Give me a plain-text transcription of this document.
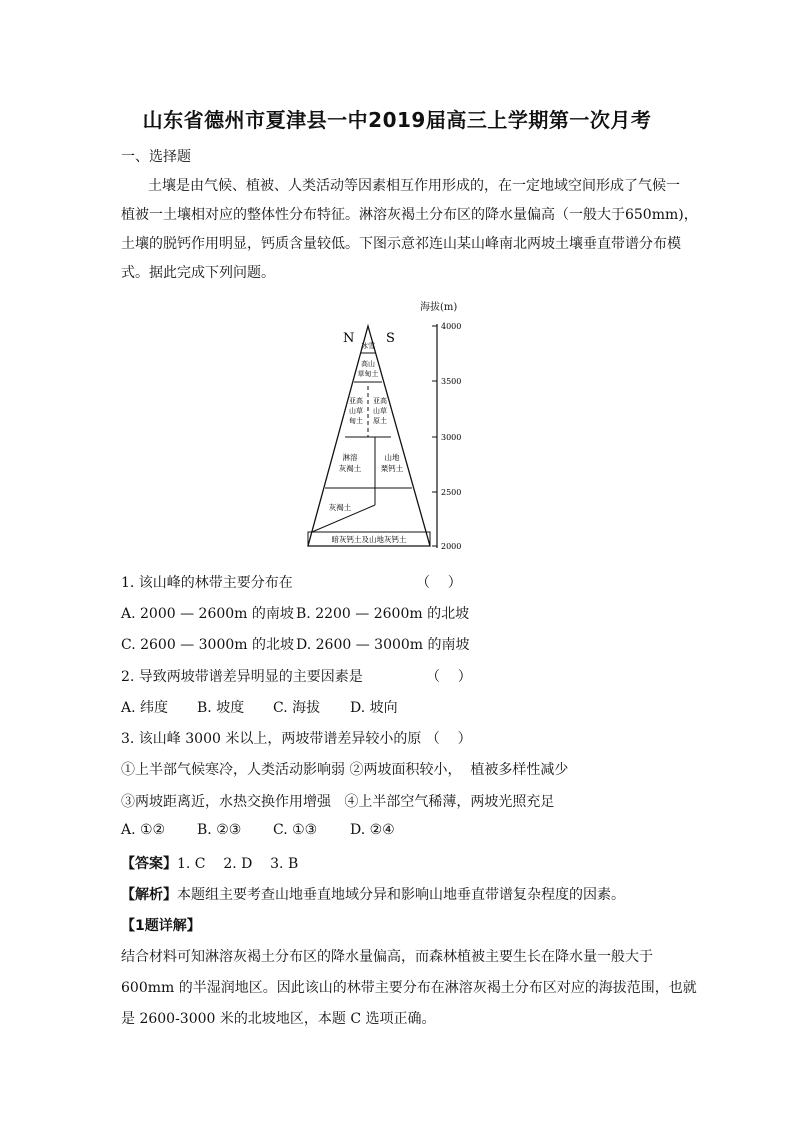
山东省德州市夏津县一中2019届高三上学期第一次月考
一、选择题
土壤是由气候、植被、人类活动等因素相互作用形成的，在一定地域空间形成了气候一
植被一土壤相对应的整体性分布特征。淋溶灰褐土分布区的降水量偏高（一般大于650mm)，
土壤的脱钙作用明显，钙质含量较低。下图示意祁连山某山峰南北两坡土壤垂直带谱分布模
式。据此完成下列问题。
海拔(m)
4000
3500
3000
2500
2000
N S
冰雪
高山
草甸土
亚高
山草
甸土
亚高
山草
原土
淋溶
灰褐土
山地
栗钙土
灰褐土
暗灰钙土及山地灰钙土
1. 该山峰的林带主要分布在	（    ）
A. 2000 — 2600m 的南坡 B. 2200 — 2600m 的北坡
C. 2600 — 3000m 的北坡 D. 2600 — 3000m 的南坡
2. 导致两坡带谱差异明显的主要因素是	（    ）
A. 纬度 B. 坡度 C. 海拔 D. 坡向
3. 该山峰 3000 米以上，两坡带谱差异较小的原 （    ）
①上半部气候寒冷，人类活动影响弱 ②两坡面积较小，  植被多样性减少
③两坡距离近，水热交换作用增强   ④上半部空气稀薄，两坡光照充足
A. ①② B. ②③ C. ①③ D. ②④
【答案】1. C    2. D    3. B
【解析】本题组主要考查山地垂直地域分异和影响山地垂直带谱复杂程度的因素。
【1题详解】
结合材料可知淋溶灰褐土分布区的降水量偏高，而森林植被主要生长在降水量一般大于
600mm 的半湿润地区。因此该山的林带主要分布在淋溶灰褐土分布区对应的海拔范围，也就
是 2600-3000 米的北坡地区，本题 C 选项正确。
